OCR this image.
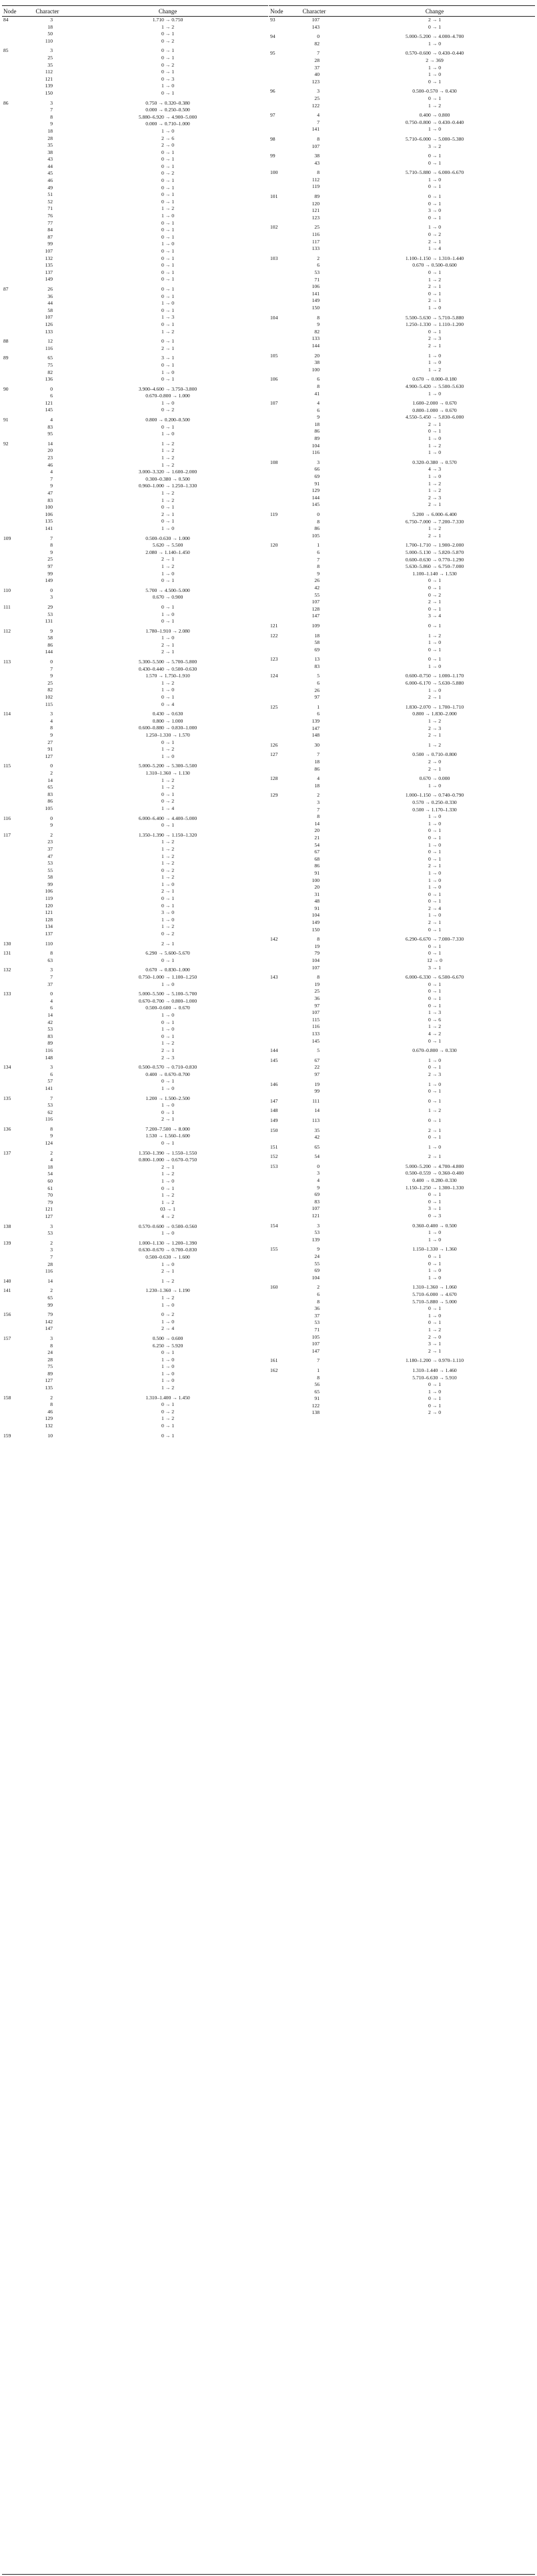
Node	Character	Change
84	3	1.710 → 0.750
18	1 → 2
50	0 → 1
110	0 → 2
85	3	0 → 1
25	0 → 1
35	0 → 2
112	0 → 1
121	0 → 3
139	1 → 0
150	0 → 1
86	3	0.750 → 0.320–0.380
7	0.000 → 0.250–0.500
8	5.880–6.920 → 4.900–5.000
9	0.000 → 0.710–1.000
18	1 → 0
28	2 → 6
35	2 → 0
38	0 → 1
43	0 → 1
44	0 → 1
45	0 → 2
46	0 → 1
49	0 → 1
51	0 → 1
52	0 → 1
71	1 → 2
76	1 → 0
77	0 → 1
84	0 → 1
87	0 → 1
99	1 → 0
107	0 → 1
132	0 → 1
135	0 → 1
137	0 → 1
149	0 → 1
87	26	0 → 1
36	0 → 1
44	1 → 0
58	0 → 1
107	1 → 3
126	0 → 1
133	1 → 2
88	12	0 → 1
116	2 → 1
89	65	3 → 1
75	0 → 1
82	1 → 0
136	0 → 1
90	0	3.900–4.600 → 3.750–3.800
6	0.670–0.800 → 1.000
121	1 → 0
145	0 → 2
91	4	0.800 → 0.200–0.500
83	0 → 1
95	1 → 0
92	14	1 → 2
20	1 → 2
23	1 → 2
46	1 → 2
4	3.000–3.320 → 1.600–2.000
7	0.300–0.380 → 0.500
9	0.960–1.000 → 1.250–1.330
47	1 → 2
83	1 → 2
100	0 → 1
106	2 → 1
135	0 → 1
141	1 → 0
109	7	0.500–0.630 → 1.000
8	5.620 → 5.500
9	2.080 → 1.140–1.450
25	2 → 1
97	1 → 2
99	1 → 0
149	0 → 1
110	0	5.700 → 4.500–5.000
3	0.670 → 0.900
111	29	0 → 1
53	1 → 0
131	0 → 1
112	9	1.780–1.910 → 2.080
58	1 → 0
86	2 → 1
144	2 → 1
113	0	5.300–5.500 → 5.700–5.800
7	0.430–0.440 → 0.500–0.630
9	1.570 → 1.750–1.910
25	1 → 2
82	1 → 0
102	0 → 1
115	0 → 4
114	3	0.430 → 0.630
4	0.800 → 1.000
8	0.600–0.880 → 0.830–1.000
9	1.250–1.330 → 1.570
27	0 → 1
91	1 → 2
127	1 → 0
115	0	5.000–5.200 → 5.300–5.500
2	1.310–1.360 → 1.130
14	1 → 2
65	1 → 2
83	0 → 1
86	0 → 2
105	1 → 4
116	0	6.000–6.400 → 4.400–5.000
9	0 → 1
117	2	1.350–1.390 → 1.150–1.320
23	1 → 2
37	1 → 2
47	1 → 2
53	1 → 2
55	0 → 2
58	1 → 2
99	1 → 0
106	2 → 1
119	0 → 1
120	0 → 1
121	3 → 0
128	1 → 0
134	1 → 2
137	0 → 2
130	110	2 → 1
131	8	6.290 → 5.600–5.670
63	0 → 1
132	3	0.670 → 0.830–1.000
7	0.750–1.000 → 1.100–1.250
37	1 → 0
133	0	5.000–5.500 → 5.100–5.700
4	0.670–0.700 → 0.800–1.000
6	0.500–0.600 → 0.670
14	1 → 0
42	0 → 1
53	1 → 0
83	0 → 1
89	1 → 2
116	2 → 1
148	2 → 3
134	3	0.500–0.570 → 0.710–0.830
6	0.400 → 0.670–0.700
57	0 → 1
141	1 → 0
135	7	1.200 → 1.500–2.500
53	1 → 0
62	0 → 1
116	2 → 1
136	8	7.200–7.500 → 8.000
9	1.530 → 1.560–1.600
124	0 → 1
137	2	1.350–1.390 → 1.550–1.550
4	0.800–1.000 → 0.670–0.750
18	2 → 1
54	1 → 2
60	1 → 0
61	0 → 1
70	1 → 2
79	1 → 2
121	03 → 1
127	4 → 2
138	3	0.570–0.600 → 0.500–0.560
53	1 → 0
139	2	1.000–1.130 → 1.200–1.390
3	0.630–0.670 → 0.700–0.830
7	0.500–0.630 → 1.600
28	1 → 0
116	2 → 1
140	14	1 → 2
141	2	1.230–1.360 → 1.190
65	1 → 2
99	1 → 0
156	79	0 → 2
142	1 → 0
147	2 → 4
157	3	0.500 → 0.600
8	6.250 → 5.920
24	0 → 1
28	1 → 0
75	1 → 0
89	1 → 0
127	1 → 0
135	1 → 2
158	2	1.310–1.400 → 1.450
8	0 → 1
46	0 → 2
129	1 → 2
132	0 → 1
159	10	0 → 1
Node	Character	Change
93	107	2 → 1
143	0 → 1
94	0	5.000–5.200 → 4.000–4.700
82	1 → 0
95	7	0.570–0.600 → 0.430–0.440
28	2 → 369
37	1 → 0
40	1 → 0
123	0 → 1
96	3	0.500–0.570 → 0.430
25	0 → 1
122	1 → 2
97	4	0.400 → 0.800
7	0.750–0.800 → 0.430–0.440
141	1 → 0
98	8	5.710–6.000 → 5.000–5.380
107	3 → 2
99	38	0 → 1
43	0 → 1
100	8	5.710–5.880 → 6.000–6.670
112	1 → 0
119	0 → 1
101	89	0 → 1
120	0 → 1
121	3 → 0
123	0 → 1
102	25	1 → 0
116	0 → 2
117	2 → 1
133	1 → 4
103	2	1.100–1.150 → 1.310–1.440
6	0.670 → 0.500–0.600
53	0 → 1
71	1 → 2
106	2 → 1
141	0 → 1
149	2 → 1
150	1 → 0
104	8	5.500–5.630 → 5.710–5.880
9	1.250–1.330 → 1.110–1.200
82	0 → 1
133	2 → 3
144	2 → 1
105	20	1 → 0
38	1 → 0
100	1 → 2
106	6	0.670 → 0.000–0.180
8	4.900–5.420 → 5.500–5.630
41	1 → 0
107	4	1.600–2.000 → 0.670
6	0.800–1.000 → 0.670
9	4.550–5.450 → 5.830–6.000
18	2 → 1
86	0 → 1
89	1 → 0
104	1 → 2
116	1 → 0
108	3	0.320–0.380 → 0.570
66	4 → 3
69	1 → 0
91	1 → 2
129	1 → 2
144	2 → 3
145	2 → 1
119	0	5.200 → 6.000–6.400
8	6.750–7.000 → 7.200–7.330
86	1 → 2
105	2 → 1
120	1	1.700–1.710 → 1.900–2.000
6	5.000–5.130 → 5.820–5.870
7	0.600–0.630 → 0.770–1.290
8	5.630–5.860 → 6.750–7.000
9	1.100–1.140 → 1.530
26	0 → 1
42	0 → 1
55	0 → 2
107	2 → 1
128	0 → 1
147	3 → 4
121	109	0 → 1
122	18	1 → 2
58	1 → 0
69	0 → 1
123	13	0 → 1
83	1 → 0
124	5	0.600–0.750 → 1.000–1.170
6	6.000–6.170 → 5.630–5.880
26	1 → 0
97	2 → 1
125	1	1.830–2.070 → 1.700–1.710
6	0.800 → 1.830–2.000
139	1 → 2
147	2 → 3
148	2 → 1
126	30	1 → 2
127	7	0.500 → 0.710–0.800
18	2 → 0
86	2 → 1
128	4	0.670 → 0.000
18	1 → 0
129	2	1.000–1.150 → 0.740–0.790
3	0.570 → 0.250–0.330
7	0.500 → 1.170–1.330
8	1 → 0
14	1 → 0
20	0 → 1
21	0 → 1
54	1 → 0
67	0 → 1
68	0 → 1
86	2 → 1
91	1 → 0
100	1 → 0
20	1 → 0
31	0 → 1
48	0 → 1
91	2 → 4
104	1 → 0
149	2 → 1
150	0 → 1
142	8	6.290–6.670 → 7.000–7.330
19	0 → 1
79	0 → 1
104	12 → 0
107	3 → 1
143	8	6.000–6.330 → 6.500–6.670
19	0 → 1
25	0 → 1
36	0 → 1
97	0 → 1
107	1 → 3
115	0 → 6
116	1 → 2
133	4 → 2
145	0 → 1
144	5	0.670–0.800 → 0.330
145	67	1 → 0
22	0 → 1
97	2 → 3
146	19	1 → 0
99	0 → 1
147	111	0 → 1
148	14	1 → 2
149	113	0 → 1
150	35	2 → 1
42	0 → 1
151	65	1 → 0
152	54	2 → 1
153	0	5.000–5.200 → 4.700–4.800
3	0.500–0.559 → 0.360–0.400
4	0.400 → 0.280–0.330
9	1.150–1.250 → 1.300–1.330
69	0 → 1
83	0 → 1
107	3 → 1
121	0 → 3
154	3	0.360–0.400 → 0.500
53	1 → 0
139	1 → 0
155	9	1.150–1.330 → 1.360
24	0 → 1
55	0 → 1
69	1 → 0
104	1 → 0
160	2	1.310–1.360 → 1.060
6	5.710–6.000 → 4.670
8	5.710–5.880 → 5.000
36	0 → 1
37	1 → 0
53	0 → 1
71	1 → 2
105	2 → 0
107	3 → 1
147	2 → 1
161	7	1.180–1.200 → 0.970–1.110
162	1	1.310–1.440 → 1.460
8	5.710–6.630 → 5.910
56	0 → 1
65	1 → 0
91	0 → 1
122	0 → 1
138	2 → 0
